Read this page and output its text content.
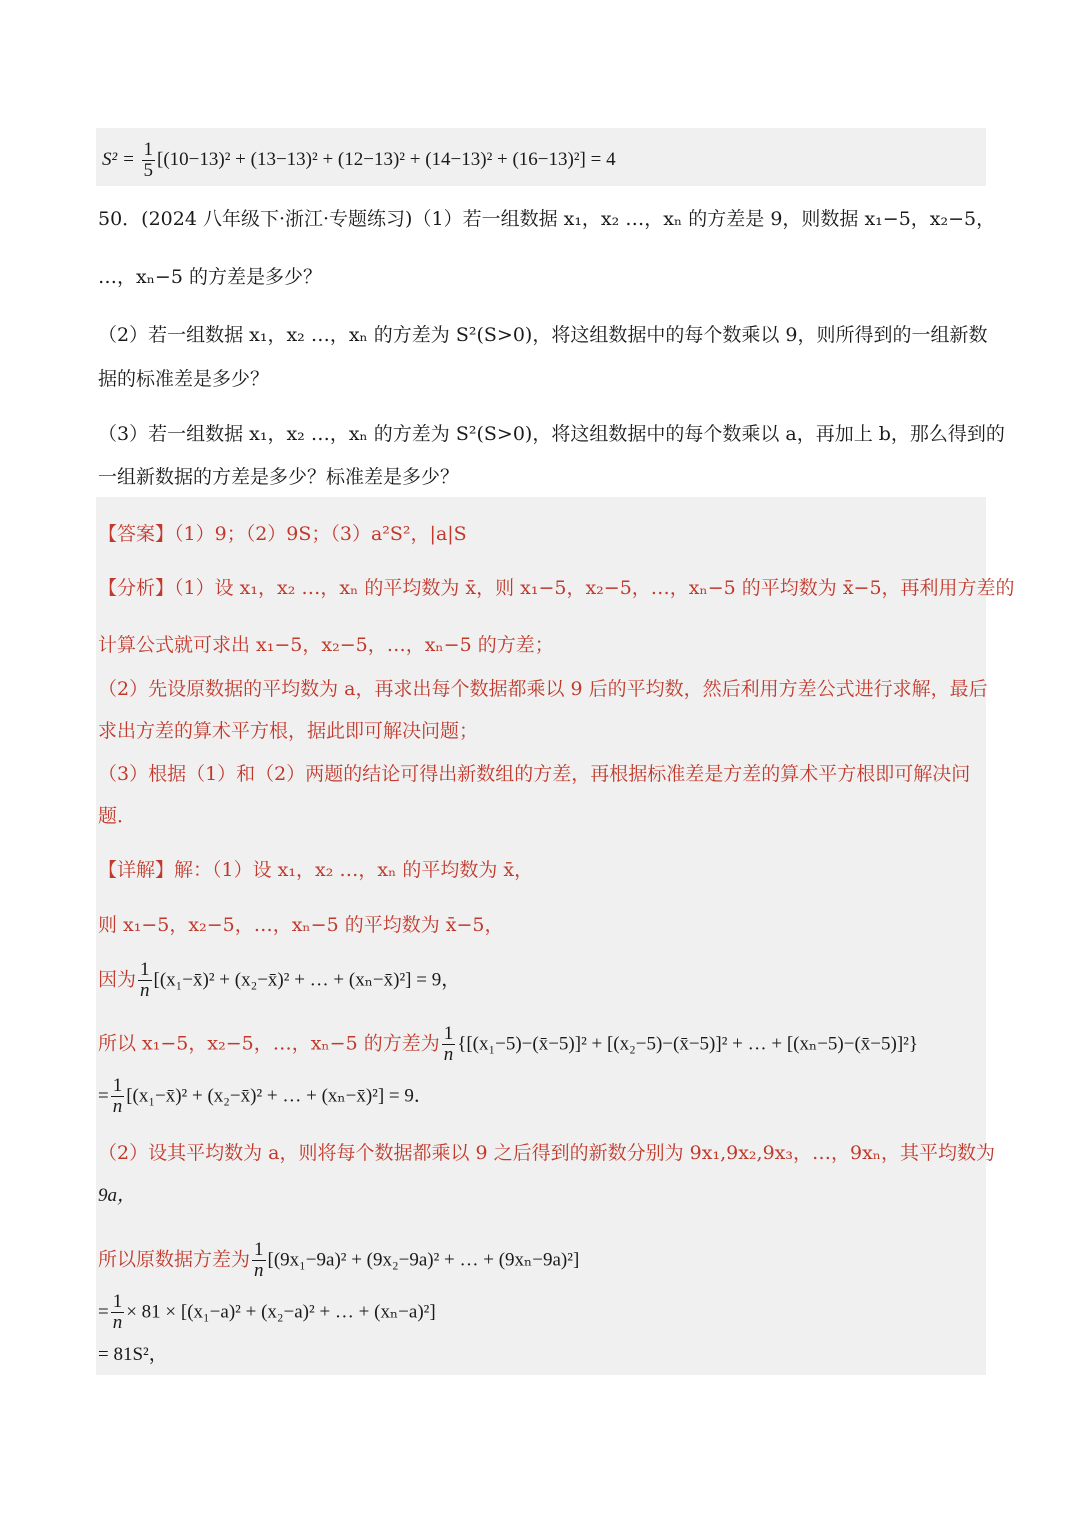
$S^2 = \frac{1}{5} [(10-13)^2 + (13-13)^2 + (12-13)^2 + (14-13)^2 + (16-13)^2] = 4$
50．(2024 八年级下·浙江·专题练习)（1）若一组数据 x₁，x₂ …，xₙ 的方差是 9，则数据 x₁−5，x₂−5，
…，xₙ−5 的方差是多少？
（2）若一组数据 x₁，x₂ …，xₙ 的方差为 S²(S>0)，将这组数据中的每个数乘以 9，则所得到的一组新数
据的标准差是多少？
（3）若一组数据 x₁，x₂ …，xₙ 的方差为 S²(S>0)，将这组数据中的每个数乘以 a，再加上 b，那么得到的
一组新数据的方差是多少？标准差是多少？
【答案】（1）9；（2）9S；（3）a²S²，|a|S
【分析】（1）设 x₁，x₂ …，xₙ 的平均数为 x̄，则 x₁−5，x₂−5，…，xₙ−5 的平均数为 x̄−5，再利用方差的
计算公式就可求出 x₁−5，x₂−5，…，xₙ−5 的方差；
（2）先设原数据的平均数为 a，再求出每个数据都乘以 9 后的平均数，然后利用方差公式进行求解，最后
求出方差的算术平方根，据此即可解决问题；
（3）根据（1）和（2）两题的结论可得出新数组的方差，再根据标准差是方差的算术平方根即可解决问
题．
【详解】解：（1）设 x₁，x₂ …，xₙ 的平均数为 x̄，
则 x₁−5，x₂−5，…，xₙ−5 的平均数为 x̄−5，
因为 $\frac{1}{n}$ [(x₁−x̄)² + (x₂−x̄)² + … + (xₙ−x̄)²] = 9，
所以 x₁−5，x₂−5，…，xₙ−5 的方差为 $\frac{1}{n}$ {[(x₁−5)−(x̄−5)]² + [(x₂−5)−(x̄−5)]² + … + [(xₙ−5)−(x̄−5)]²}
= $\frac{1}{n}$ [(x₁−x̄)² + (x₂−x̄)² + … + (xₙ−x̄)²] = 9．
（2）设其平均数为 a，则将每个数据都乘以 9 之后得到的新数分别为 9x₁,9x₂,9x₃，…，9xₙ，其平均数为
9a，
所以原数据方差为 $\frac{1}{n} [(9x_1-9a)^2 + (9x_2-9a)^2$ + … + (9xₙ−9a)²]
= $\frac{1}{n} \times 81 \times [(x_1-a)^2 + (x_2-a)^2$ + … + (xₙ−a)²]
= 81S²，
